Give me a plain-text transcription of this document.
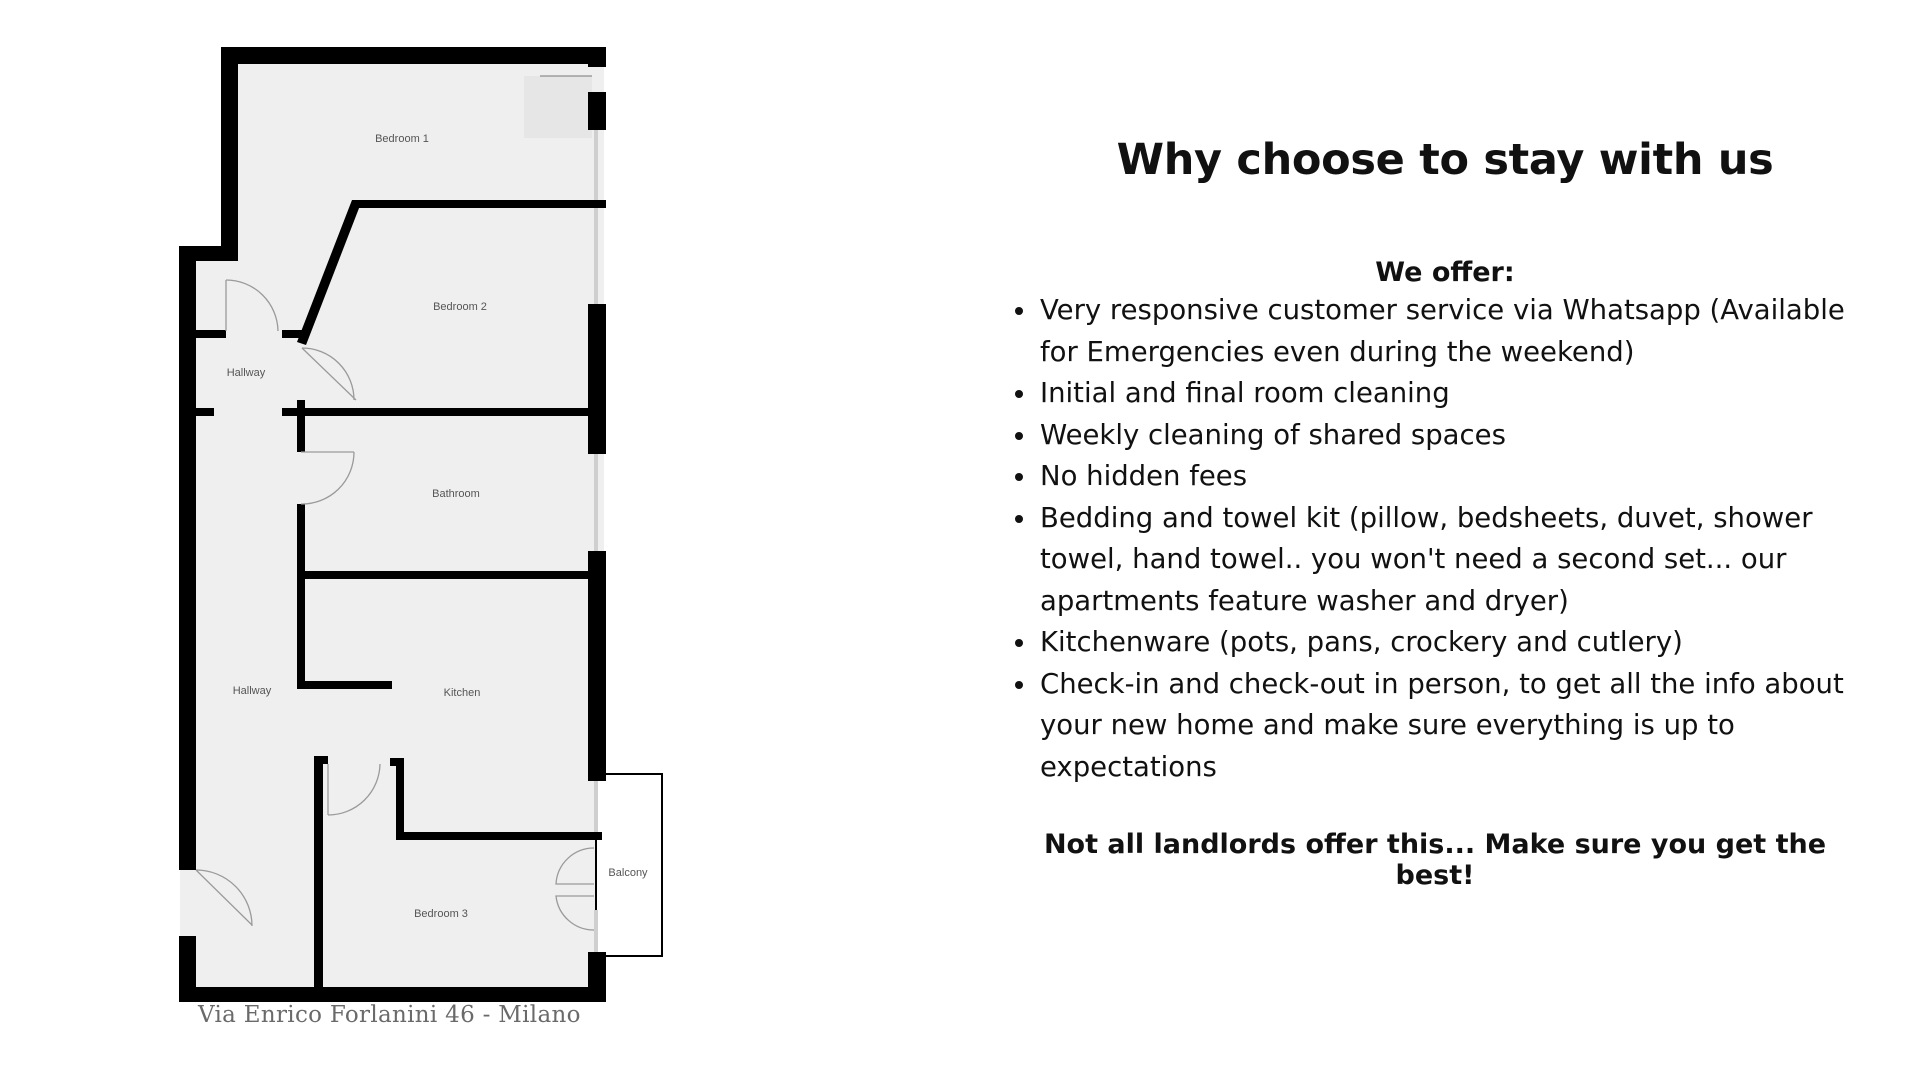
Bedroom 1
Bedroom 2
Hallway
Bathroom
Hallway	Kitchen
Balcony
Bedroom 3
Via Enrico Forlanini 46 - Milano
Why choose to stay with us
We offer:
• Very responsive customer service via Whatsapp (Available for Emergencies even during the weekend)
• Initial and final room cleaning
• Weekly cleaning of shared spaces
• No hidden fees
• Bedding and towel kit (pillow, bedsheets, duvet, shower towel, hand towel.. you won't need a second set... our apartments feature washer and dryer)
• Kitchenware (pots, pans, crockery and cutlery)
• Check-in and check-out in person, to get all the info about your new home and make sure everything is up to expectations
Not all landlords offer this... Make sure you get the best!
